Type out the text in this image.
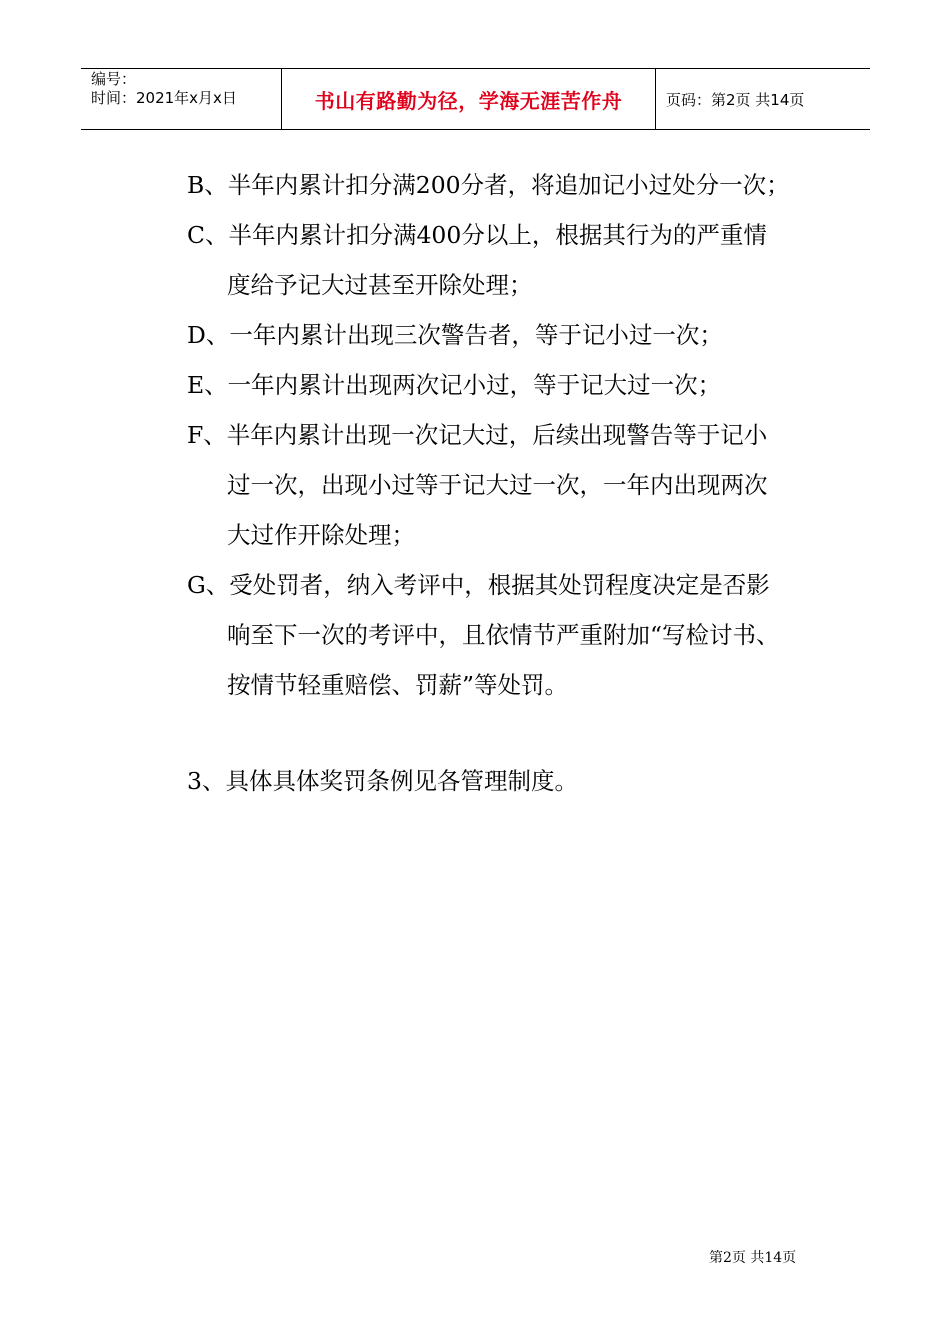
编号：
时间：2021年x月x日	书山有路勤为径，学海无涯苦作舟	页码：第2页 共14页

B、半年内累计扣分满200分者，将追加记小过处分一次；

C、半年内累计扣分满400分以上，根据其行为的严重情

度给予记大过甚至开除处理；

D、一年内累计出现三次警告者，等于记小过一次；

E、一年内累计出现两次记小过，等于记大过一次；

F、半年内累计出现一次记大过，后续出现警告等于记小

过一次，出现小过等于记大过一次，一年内出现两次

大过作开除处理；

G、受处罚者，纳入考评中，根据其处罚程度决定是否影

响至下一次的考评中，且依情节严重附加“写检讨书、

按情节轻重赔偿、罚薪”等处罚。

3、具体具体奖罚条例见各管理制度。

第2页 共14页
